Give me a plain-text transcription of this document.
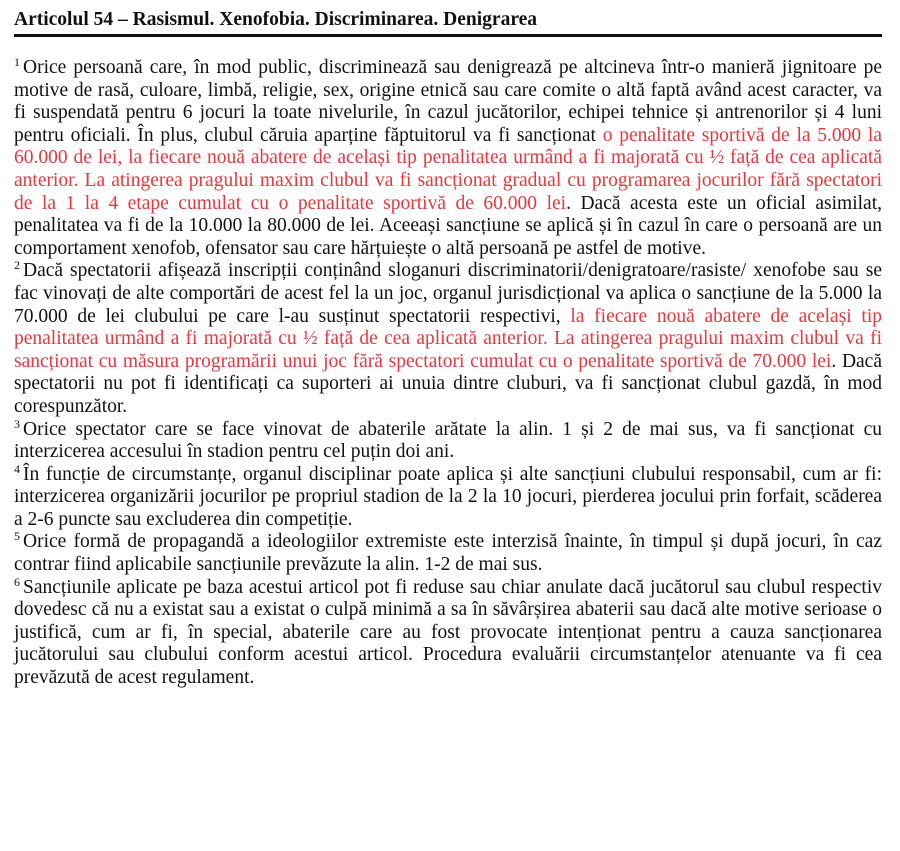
Articolul 54 – Rasismul. Xenofobia. Discriminarea. Denigrarea

$^1$ Orice persoană care, în mod public, discriminează sau denigrează pe altcineva într-o manieră jignitoare pe motive de rasă, culoare, limbă, religie, sex, origine etnică sau care comite o altă faptă având acest caracter, va fi suspendată pentru 6 jocuri la toate nivelurile, în cazul jucătorilor, echipei tehnice și antrenorilor și 4 luni pentru oficiali. În plus, clubul căruia aparține făptuitorul va fi sancționat o penalitate sportivă de la 5.000 la 60.000 de lei, la fiecare nouă abatere de același tip penalitatea urmând a fi majorată cu ½ față de cea aplicată anterior. La atingerea pragului maxim clubul va fi sancționat gradual cu programarea jocurilor fără spectatori de la 1 la 4 etape cumulat cu o penalitate sportivă de 60.000 lei. Dacă acesta este un oficial asimilat, penalitatea va fi de la 10.000 la 80.000 de lei. Aceeași sancțiune se aplică și în cazul în care o persoană are un comportament xenofob, ofensator sau care hărțuiește o altă persoană pe astfel de motive.

$^2$ Dacă spectatorii afișează inscripții conținând sloganuri discriminatorii/denigratoare/rasiste/ xenofobe sau se fac vinovați de alte comportări de acest fel la un joc, organul jurisdicțional va aplica o sancțiune de la 5.000 la 70.000 de lei clubului pe care l-au susținut spectatorii respectivi, la fiecare nouă abatere de același tip penalitatea urmând a fi majorată cu ½ față de cea aplicată anterior. La atingerea pragului maxim clubul va fi sancționat cu măsura programării unui joc fără spectatori cumulat cu o penalitate sportivă de 70.000 lei. Dacă spectatorii nu pot fi identificați ca suporteri ai unuia dintre cluburi, va fi sancționat clubul gazdă, în mod corespunzător.

$^3$ Orice spectator care se face vinovat de abaterile arătate la alin. 1 și 2 de mai sus, va fi sancționat cu interzicerea accesului în stadion pentru cel puțin doi ani.

$^4$ În funcție de circumstanțe, organul disciplinar poate aplica și alte sancțiuni clubului responsabil, cum ar fi: interzicerea organizării jocurilor pe propriul stadion de la 2 la 10 jocuri, pierderea jocului prin forfait, scăderea a 2-6 puncte sau excluderea din competiție.

$^5$ Orice formă de propagandă a ideologiilor extremiste este interzisă înainte, în timpul și după jocuri, în caz contrar fiind aplicabile sancțiunile prevăzute la alin. 1-2 de mai sus.

$^6$ Sancțiunile aplicate pe baza acestui articol pot fi reduse sau chiar anulate dacă jucătorul sau clubul respectiv dovedesc că nu a existat sau a existat o culpă minimă a sa în săvârșirea abaterii sau dacă alte motive serioase o justifică, cum ar fi, în special, abaterile care au fost provocate intenționat pentru a cauza sancționarea jucătorului sau clubului conform acestui articol. Procedura evaluării circumstanțelor atenuante va fi cea prevăzută de acest regulament.
